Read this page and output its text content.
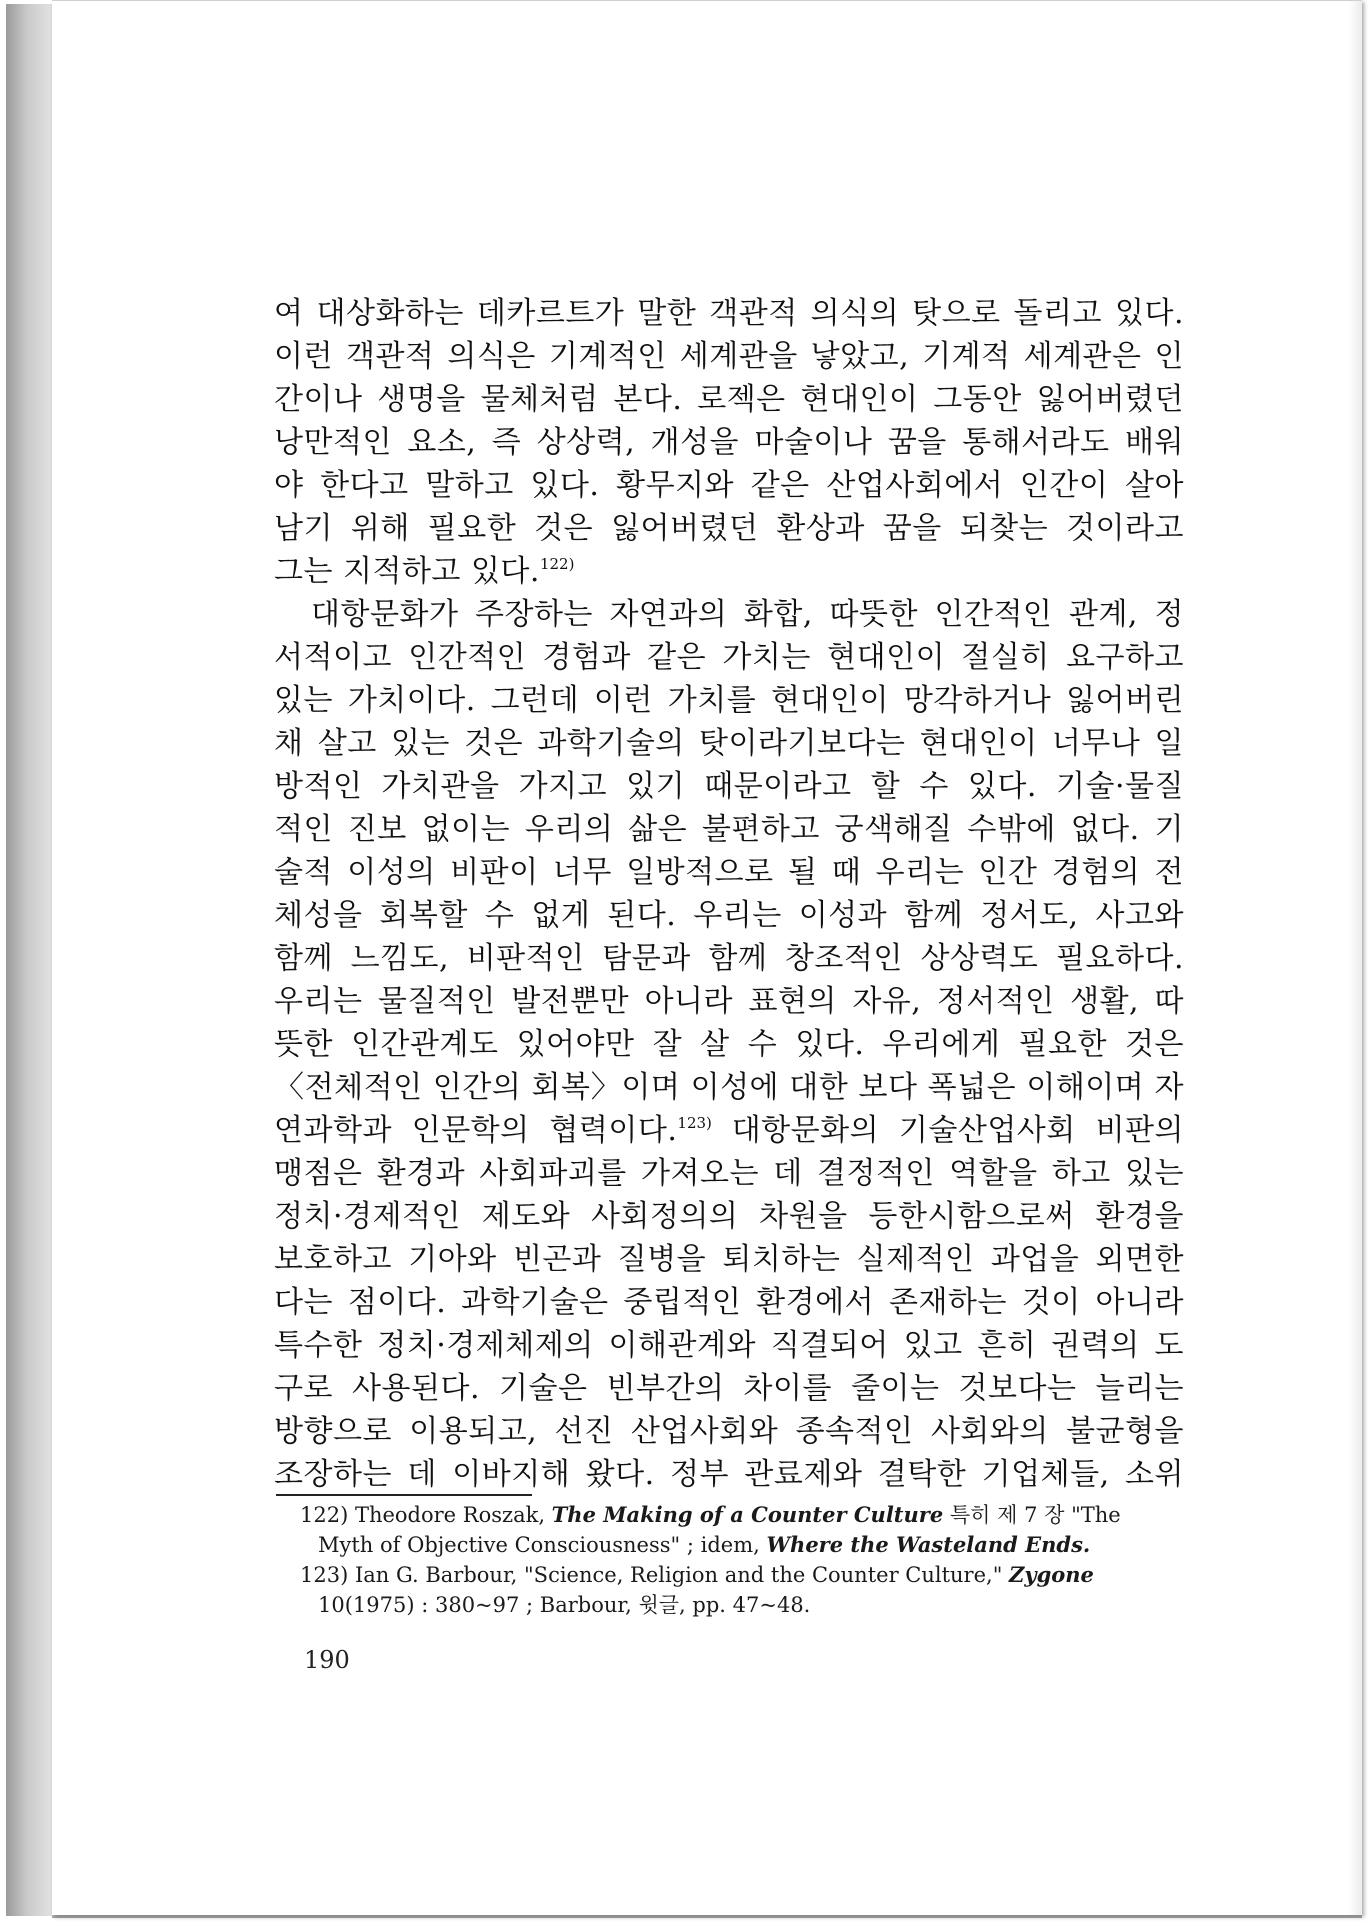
여 대상화하는 데카르트가 말한 객관적 의식의 탓으로 돌리고 있다.
이런 객관적 의식은 기계적인 세계관을 낳았고, 기계적 세계관은 인
간이나 생명을 물체처럼 본다. 로젝은 현대인이 그동안 잃어버렸던
낭만적인 요소, 즉 상상력, 개성을 마술이나 꿈을 통해서라도 배워
야 한다고 말하고 있다. 황무지와 같은 산업사회에서 인간이 살아
남기 위해 필요한 것은 잃어버렸던 환상과 꿈을 되찾는 것이라고
그는 지적하고 있다.$^{122)}$
　대항문화가 주장하는 자연과의 화합, 따뜻한 인간적인 관계, 정
서적이고 인간적인 경험과 같은 가치는 현대인이 절실히 요구하고
있는 가치이다. 그런데 이런 가치를 현대인이 망각하거나 잃어버린
채 살고 있는 것은 과학기술의 탓이라기보다는 현대인이 너무나 일
방적인 가치관을 가지고 있기 때문이라고 할 수 있다. 기술·물질
적인 진보 없이는 우리의 삶은 불편하고 궁색해질 수밖에 없다. 기
술적 이성의 비판이 너무 일방적으로 될 때 우리는 인간 경험의 전
체성을 회복할 수 없게 된다. 우리는 이성과 함께 정서도, 사고와
함께 느낌도, 비판적인 탐문과 함께 창조적인 상상력도 필요하다.
우리는 물질적인 발전뿐만 아니라 표현의 자유, 정서적인 생활, 따
뜻한 인간관계도 있어야만 잘 살 수 있다. 우리에게 필요한 것은
〈전체적인 인간의 회복〉이며 이성에 대한 보다 폭넓은 이해이며 자
연과학과 인문학의 협력이다.$^{123)}$ 대항문화의 기술산업사회 비판의
맹점은 환경과 사회파괴를 가져오는 데 결정적인 역할을 하고 있는
정치·경제적인 제도와 사회정의의 차원을 등한시함으로써 환경을
보호하고 기아와 빈곤과 질병을 퇴치하는 실제적인 과업을 외면한
다는 점이다. 과학기술은 중립적인 환경에서 존재하는 것이 아니라
특수한 정치·경제체제의 이해관계와 직결되어 있고 흔히 권력의 도
구로 사용된다. 기술은 빈부간의 차이를 줄이는 것보다는 늘리는
방향으로 이용되고, 선진 산업사회와 종속적인 사회와의 불균형을
조장하는 데 이바지해 왔다. 정부 관료제와 결탁한 기업체들, 소위
122) Theodore Roszak, The Making of a Counter Culture 특히 제 7 장 "The
Myth of Objective Consciousness" ; idem, Where the Wasteland Ends.
123) Ian G. Barbour, "Science, Religion and the Counter Culture," Zygone
10(1975) : 380~97 ; Barbour, 윗글, pp. 47~48.
190
